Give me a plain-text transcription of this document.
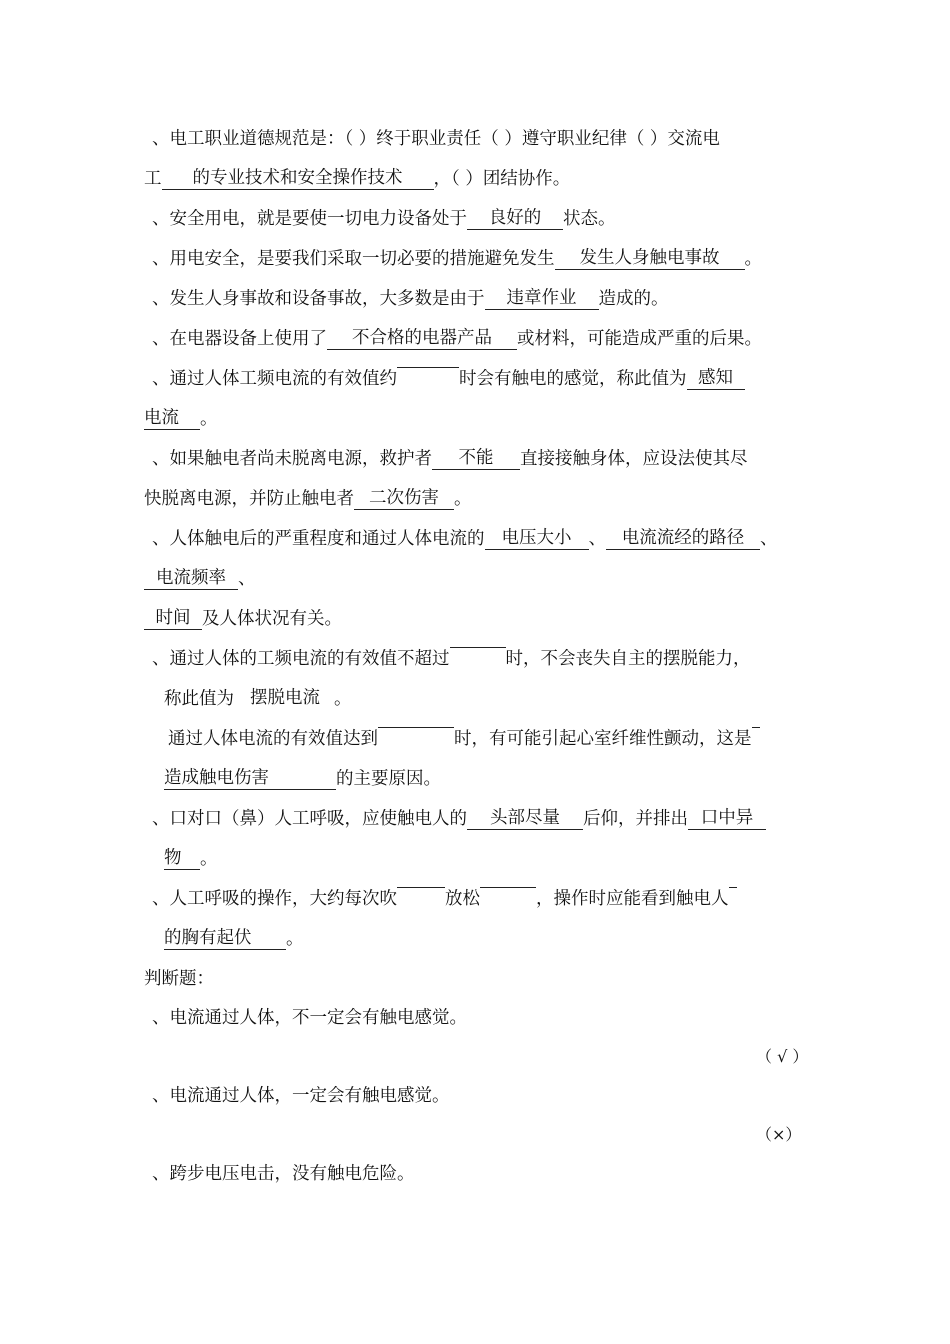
、电工职业道德规范是：（ ）终于职业责任（ ）遵守职业纪律（ ）交流电
工 的专业技术和安全操作技术 ，（ ）团结协作。
、安全用电，就是要使一切电力设备处于 良好的 状态。
、用电安全，是要我们采取一切必要的措施避免发生 发生人身触电事故 。
、发生人身事故和设备事故，大多数是由于 违章作业 造成的。
、在电器设备上使用了 不合格的电器产品 或材料，可能造成严重的后果。
、通过人体工频电流的有效值约	时会有触电的感觉，称此值为 感知
电流 。
、如果触电者尚未脱离电源，救护者 不能 直接接触身体，应设法使其尽
快脱离电源，并防止触电者 二次伤害 。
、人体触电后的严重程度和通过人体电流的 电压大小 、 电流流经的路径 、
电流频率 、
时间 及人体状况有关。
、通过人体的工频电流的有效值不超过	时，不会丧失自主的摆脱能力，
称此值为 摆脱电流 。
通过人体电流的有效值达到	时，有可能引起心室纤维性颤动，这是
造成触电伤害	的主要原因。
、口对口（鼻）人工呼吸，应使触电人的 头部尽量 后仰，并排出 口中异
物 。
、人工呼吸的操作，大约每次吹	放松	，操作时应能看到触电人
的胸有起伏 。
判断题：
、电流通过人体，不一定会有触电感觉。
（ √ ）
、电流通过人体，一定会有触电感觉。
（×）
、跨步电压电击，没有触电危险。
